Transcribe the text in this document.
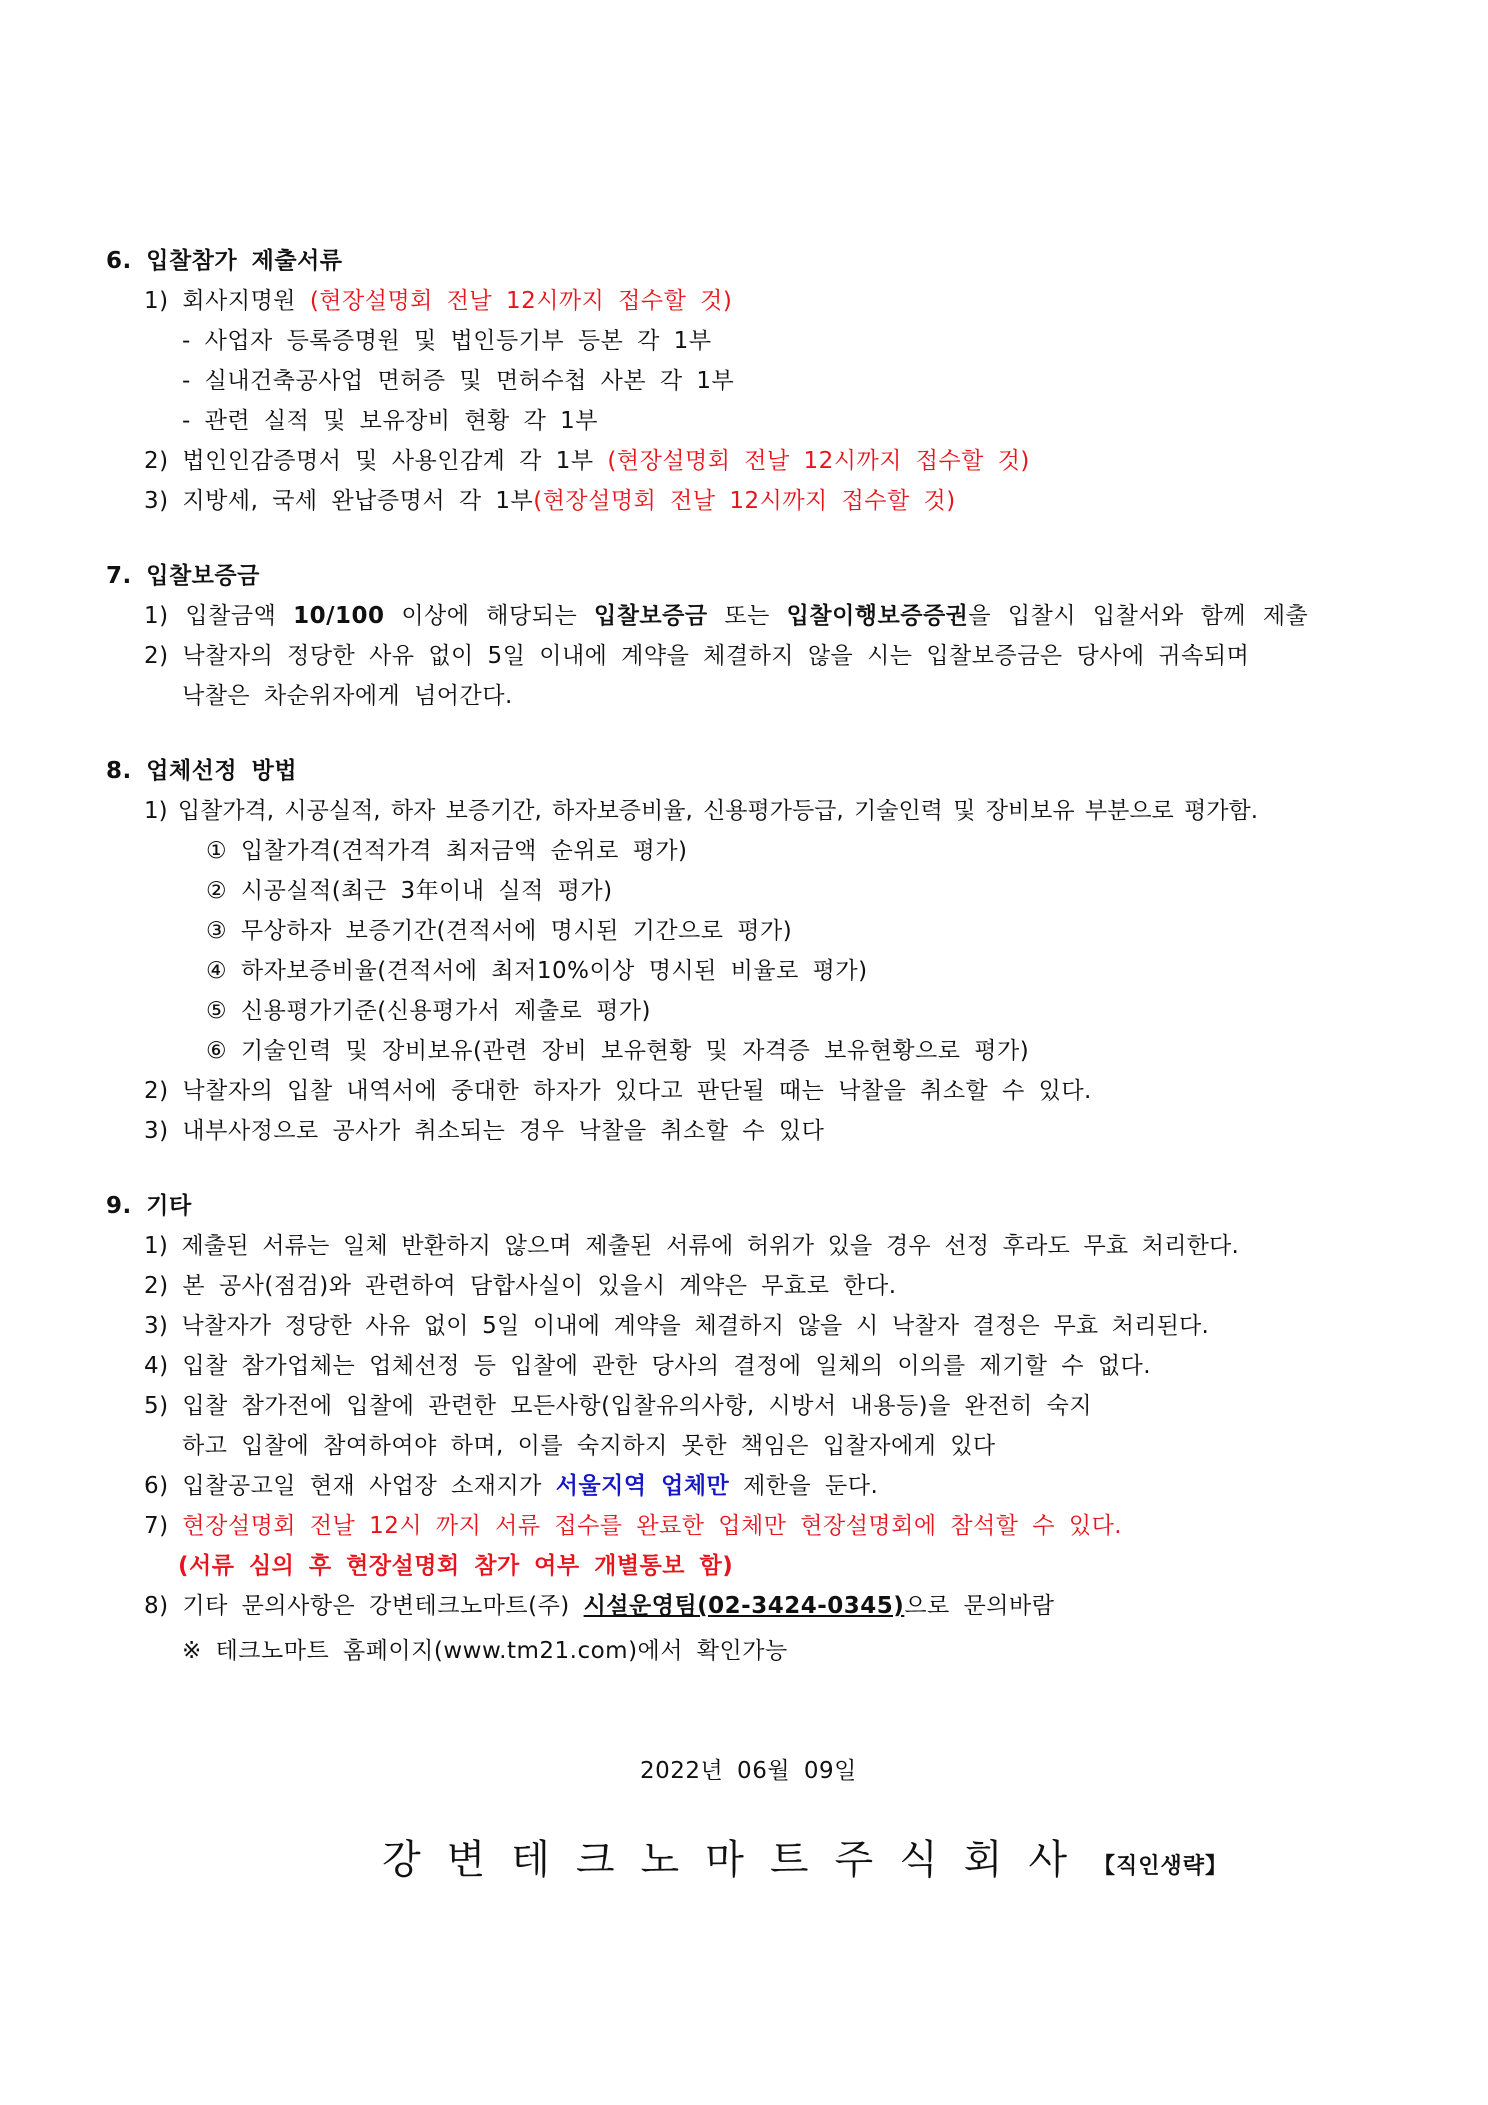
6. 입찰참가 제출서류
1) 회사지명원 (현장설명회 전날 12시까지 접수할 것)
- 사업자 등록증명원 및 법인등기부 등본 각 1부
- 실내건축공사업 면허증 및 면허수첩 사본 각 1부
- 관련 실적 및 보유장비 현황 각 1부
2) 법인인감증명서 및 사용인감계 각 1부 (현장설명회 전날 12시까지 접수할 것)
3) 지방세, 국세 완납증명서 각 1부(현장설명회 전날 12시까지 접수할 것)
7. 입찰보증금
1) 입찰금액 10/100 이상에 해당되는 입찰보증금 또는 입찰이행보증증권을 입찰시 입찰서와 함께 제출
2) 낙찰자의 정당한 사유 없이 5일 이내에 계약을 체결하지 않을 시는 입찰보증금은 당사에 귀속되며
낙찰은 차순위자에게 넘어간다.
8. 업체선정 방법
1) 입찰가격, 시공실적, 하자 보증기간, 하자보증비율, 신용평가등급, 기술인력 및 장비보유 부분으로 평가함.
① 입찰가격(견적가격 최저금액 순위로 평가)
② 시공실적(최근 3年이내 실적 평가)
③ 무상하자 보증기간(견적서에 명시된 기간으로 평가)
④ 하자보증비율(견적서에 최저10%이상 명시된 비율로 평가)
⑤ 신용평가기준(신용평가서 제출로 평가)
⑥ 기술인력 및 장비보유(관련 장비 보유현황 및 자격증 보유현황으로 평가)
2) 낙찰자의 입찰 내역서에 중대한 하자가 있다고 판단될 때는 낙찰을 취소할 수 있다.
3) 내부사정으로 공사가 취소되는 경우 낙찰을 취소할 수 있다
9. 기타
1) 제출된 서류는 일체 반환하지 않으며 제출된 서류에 허위가 있을 경우 선정 후라도 무효 처리한다.
2) 본 공사(점검)와 관련하여 담합사실이 있을시 계약은 무효로 한다.
3) 낙찰자가 정당한 사유 없이 5일 이내에 계약을 체결하지 않을 시 낙찰자 결정은 무효 처리된다.
4) 입찰 참가업체는 업체선정 등 입찰에 관한 당사의 결정에 일체의 이의를 제기할 수 없다.
5) 입찰 참가전에 입찰에 관련한 모든사항(입찰유의사항, 시방서 내용등)을 완전히 숙지
하고 입찰에 참여하여야 하며, 이를 숙지하지 못한 책임은 입찰자에게 있다
6) 입찰공고일 현재 사업장 소재지가 서울지역 업체만 제한을 둔다.
7) 현장설명회 전날 12시 까지 서류 접수를 완료한 업체만 현장설명회에 참석할 수 있다.
(서류 심의 후 현장설명회 참가 여부 개별통보 함)
8) 기타 문의사항은 강변테크노마트(주) 시설운영팀(02-3424-0345)으로 문의바람
※ 테크노마트 홈페이지(www.tm21.com)에서 확인가능
2022년 06월 09일
강변테크노마트주식회사【직인생략】
